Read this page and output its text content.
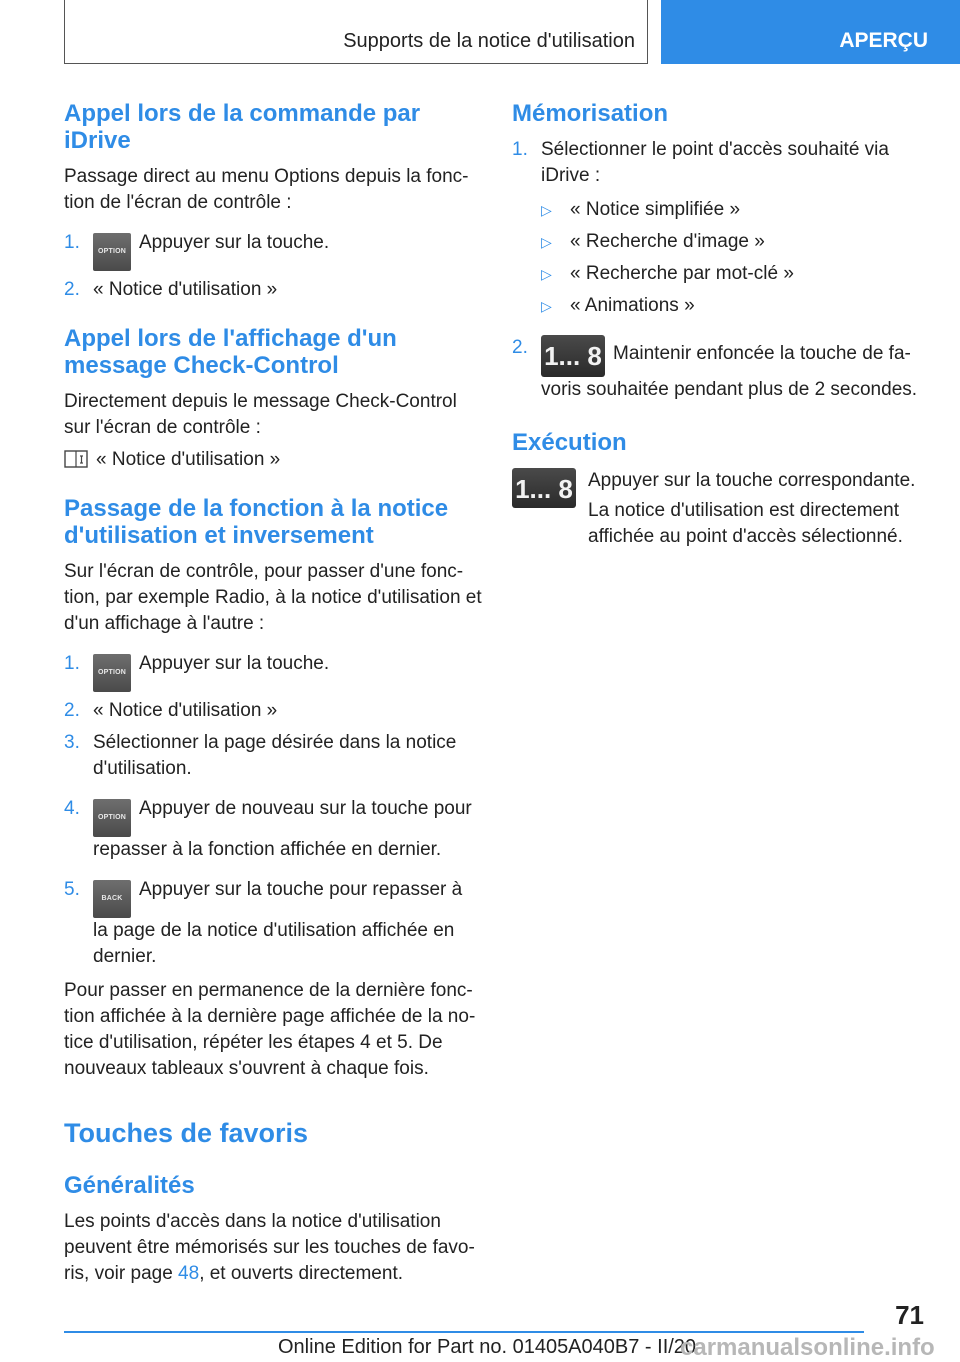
Supports de la notice d'utilisation	APERÇU
Appel lors de la commande par iDrive

Passage direct au menu Options depuis la fonc‐tion de l'écran de contrôle :

1.	OPTION Appuyer sur la touche.
2. « Notice d'utilisation »
Appel lors de l'affichage d'un message Check-Control

Directement depuis le message Check-Control sur l'écran de contrôle :

« Notice d'utilisation »

Passage de la fonction à la notice d'utilisation et inversement

Sur l'écran de contrôle, pour passer d'une fonc‐tion, par exemple Radio, à la notice d'utilisation et d'un affichage à l'autre :

1.	OPTION Appuyer sur la touche.
2. « Notice d'utilisation »
3. Sélectionner la page désirée dans la notice d'utilisation.
4.	OPTION Appuyer de nouveau sur la touche pour repasser à la fonction affichée en dernier.
5.	BACK Appuyer sur la touche pour repasser à la page de la notice d'utilisation affichée en dernier.

Pour passer en permanence de la dernière fonc‐tion affichée à la dernière page affichée de la no‐tice d'utilisation, répéter les étapes 4 et 5. De nouveaux tableaux s'ouvrent à chaque fois.

Touches de favoris
Généralités

Les points d'accès dans la notice d'utilisation peuvent être mémorisés sur les touches de favo‐ris, voir page 48, et ouverts directement.

Mémorisation
1. Sélectionner le point d'accès souhaité via iDrive :
▷ « Notice simplifiée »
▷ « Recherche d'image »
▷ « Recherche par mot-clé »
▷ « Animations »
2. 1... 8 Maintenir enfoncée la touche de fa‐voris souhaitée pendant plus de 2 secondes.
Exécution
1... 8 Appuyer sur la touche correspondante.

La notice d'utilisation est directement affichée au point d'accès sélectionné.

71
Online Edition for Part no. 01405A040B7 - II/20
carmanualsonline.info
